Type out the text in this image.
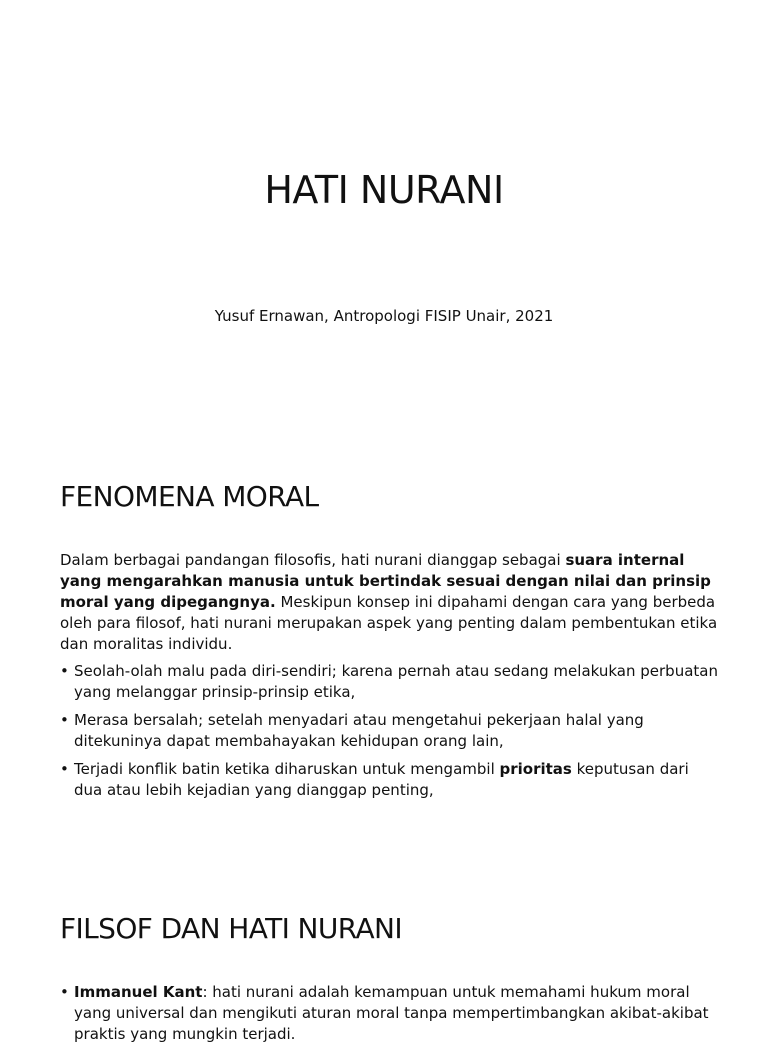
HATI NURANI

Yusuf Ernawan, Antropologi FISIP Unair, 2021

FENOMENA MORAL

Dalam berbagai pandangan filosofis, hati nurani dianggap sebagai suara internal yang mengarahkan manusia untuk bertindak sesuai dengan nilai dan prinsip moral yang dipegangnya. Meskipun konsep ini dipahami dengan cara yang berbeda oleh para filosof, hati nurani merupakan aspek yang penting dalam pembentukan etika dan moralitas individu.

• Seolah-olah malu pada diri-sendiri; karena pernah atau sedang melakukan perbuatan yang melanggar prinsip-prinsip etika,
• Merasa bersalah; setelah menyadari atau mengetahui pekerjaan halal yang ditekuninya dapat membahayakan kehidupan orang lain,
• Terjadi konflik batin ketika diharuskan untuk mengambil prioritas keputusan dari dua atau lebih kejadian yang dianggap penting,
FILSOF DAN HATI NURANI
• Immanuel Kant: hati nurani adalah kemampuan untuk memahami hukum moral yang universal dan mengikuti aturan moral tanpa mempertimbangkan akibat-akibat praktis yang mungkin terjadi.
